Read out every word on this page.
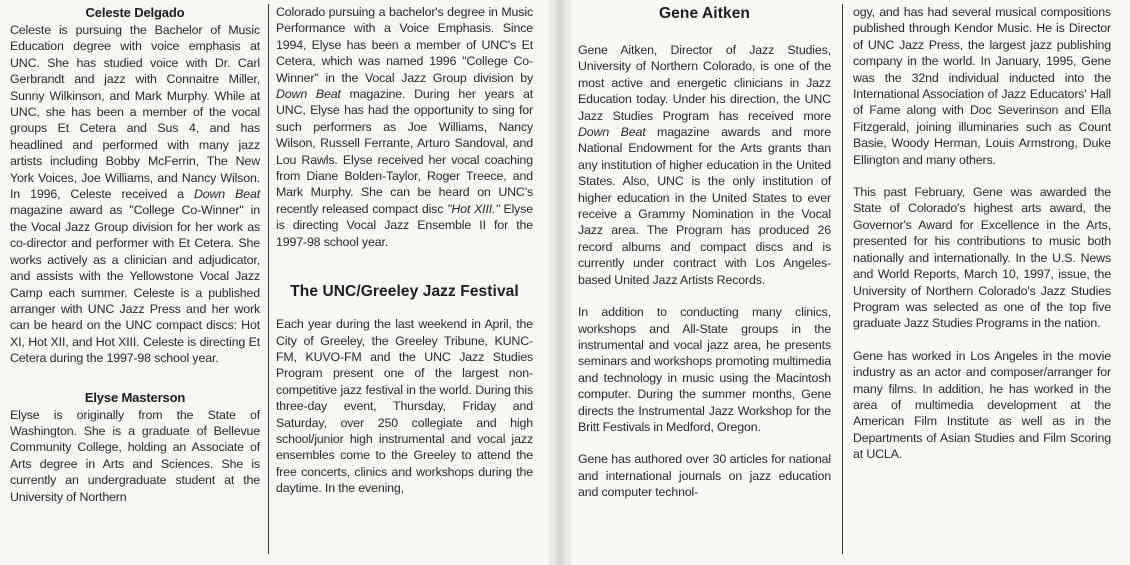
Celeste Delgado

Celeste is pursuing the Bachelor of Music Education degree with voice emphasis at UNC. She has studied voice with Dr. Carl Gerbrandt and jazz with Connaitre Miller, Sunny Wilkinson, and Mark Murphy. While at UNC, she has been a member of the vocal groups Et Cetera and Sus 4, and has headlined and performed with many jazz artists including Bobby McFerrin, The New York Voices, Joe Williams, and Nancy Wilson. In 1996, Celeste received a Down Beat magazine award as "College Co-Winner" in the Vocal Jazz Group division for her work as co-director and performer with Et Cetera. She works actively as a clinician and adjudicator, and assists with the Yellowstone Vocal Jazz Camp each summer. Celeste is a published arranger with UNC Jazz Press and her work can be heard on the UNC compact discs: Hot XI, Hot XII, and Hot XIII. Celeste is directing Et Cetera during the 1997-98 school year.

Elyse Masterson

Elyse is originally from the State of Washington. She is a graduate of Bellevue Community College, holding an Associate of Arts degree in Arts and Sciences. She is currently an undergraduate student at the University of Northern

Colorado pursuing a bachelor's degree in Music Performance with a Voice Emphasis. Since 1994, Elyse has been a member of UNC's Et Cetera, which was named 1996 "College Co-Winner" in the Vocal Jazz Group division by Down Beat magazine. During her years at UNC, Elyse has had the opportunity to sing for such performers as Joe Williams, Nancy Wilson, Russell Ferrante, Arturo Sandoval, and Lou Rawls. Elyse received her vocal coaching from Diane Bolden-Taylor, Roger Treece, and Mark Murphy. She can be heard on UNC's recently released compact disc "Hot XIII." Elyse is directing Vocal Jazz Ensemble II for the 1997-98 school year.

The UNC/Greeley Jazz Festival

Each year during the last weekend in April, the City of Greeley, the Greeley Tribune, KUNC-FM, KUVO-FM and the UNC Jazz Studies Program present one of the largest non-competitive jazz festival in the world. During this three-day event, Thursday, Friday and Saturday, over 250 collegiate and high school/junior high instrumental and vocal jazz ensembles come to the Greeley to attend the free concerts, clinics and workshops during the daytime. In the evening,

Gene Aitken

Gene Aitken, Director of Jazz Studies, University of Northern Colorado, is one of the most active and energetic clinicians in Jazz Education today. Under his direction, the UNC Jazz Studies Program has received more Down Beat magazine awards and more National Endowment for the Arts grants than any institution of higher education in the United States. Also, UNC is the only institution of higher education in the United States to ever receive a Grammy Nomination in the Vocal Jazz area. The Program has produced 26 record albums and compact discs and is currently under contract with Los Angeles-based United Jazz Artists Records.

In addition to conducting many clinics, workshops and All-State groups in the instrumental and vocal jazz area, he presents seminars and workshops promoting multimedia and technology in music using the Macintosh computer. During the summer months, Gene directs the Instrumental Jazz Workshop for the Britt Festivals in Medford, Oregon.

Gene has authored over 30 articles for national and international journals on jazz education and computer technol-

ogy, and has had several musical compositions published through Kendor Music. He is Director of UNC Jazz Press, the largest jazz publishing company in the world. In January, 1995, Gene was the 32nd individual inducted into the International Association of Jazz Educators' Hall of Fame along with Doc Severinson and Ella Fitzgerald, joining illuminaries such as Count Basie, Woody Herman, Louis Armstrong, Duke Ellington and many others.

This past February, Gene was awarded the State of Colorado's highest arts award, the Governor's Award for Excellence in the Arts, presented for his contributions to music both nationally and internationally. In the U.S. News and World Reports, March 10, 1997, issue, the University of Northern Colorado's Jazz Studies Program was selected as one of the top five graduate Jazz Studies Programs in the nation.

Gene has worked in Los Angeles in the movie industry as an actor and composer/arranger for many films. In addition, he has worked in the area of multimedia development at the American Film Institute as well as in the Departments of Asian Studies and Film Scoring at UCLA.
